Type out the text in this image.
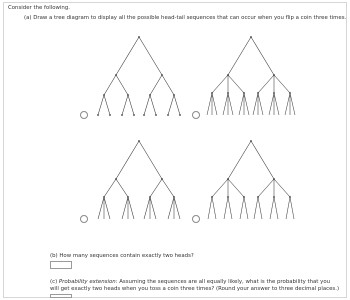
Consider the following.
(a) Draw a tree diagram to display all the possible head-tail sequences that can occur when you flip a coin three times.
(b) How many sequences contain exactly two heads?
(c) Probability extension: Assuming the sequences are all equally likely, what is the probability that you will get exactly two heads when you toss a coin three times? (Round your answer to three decimal places.)
